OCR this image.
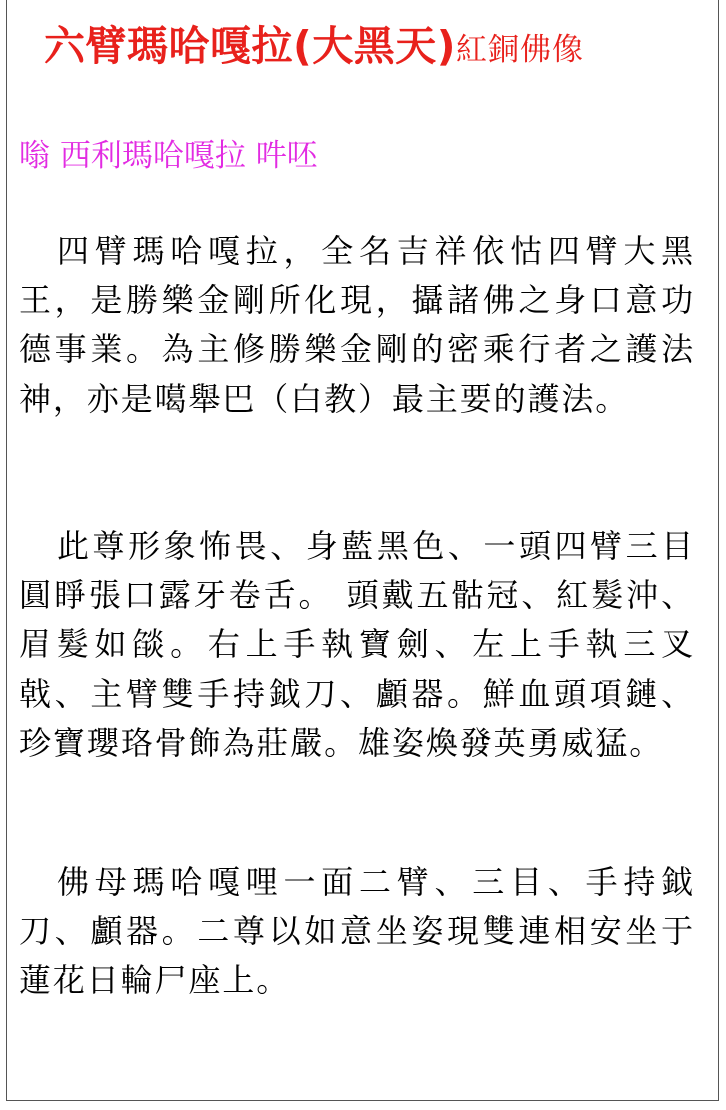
六臂瑪哈嘎拉(大黑天)紅銅佛像
嗡 西利瑪哈嘎拉 吽呸

四臂瑪哈嘎拉，全名吉祥依怙四臂大黑王，是勝樂金剛所化現，攝諸佛之身口意功德事業。為主修勝樂金剛的密乘行者之護法神，亦是噶舉巴（白教）最主要的護法。

此尊形象怖畏、身藍黑色、一頭四臂三目圓睜張口露牙卷舌。 頭戴五骷冠、紅髮沖、眉髮如燄。右上手執寶劍、左上手執三叉戟、主臂雙手持鉞刀、顱器。鮮血頭項鏈、珍寶瓔珞骨飾為莊嚴。雄姿煥發英勇威猛。

佛母瑪哈嘎哩一面二臂、三目、手持鉞刀、顱器。二尊以如意坐姿現雙連相安坐于蓮花日輪尸座上。
